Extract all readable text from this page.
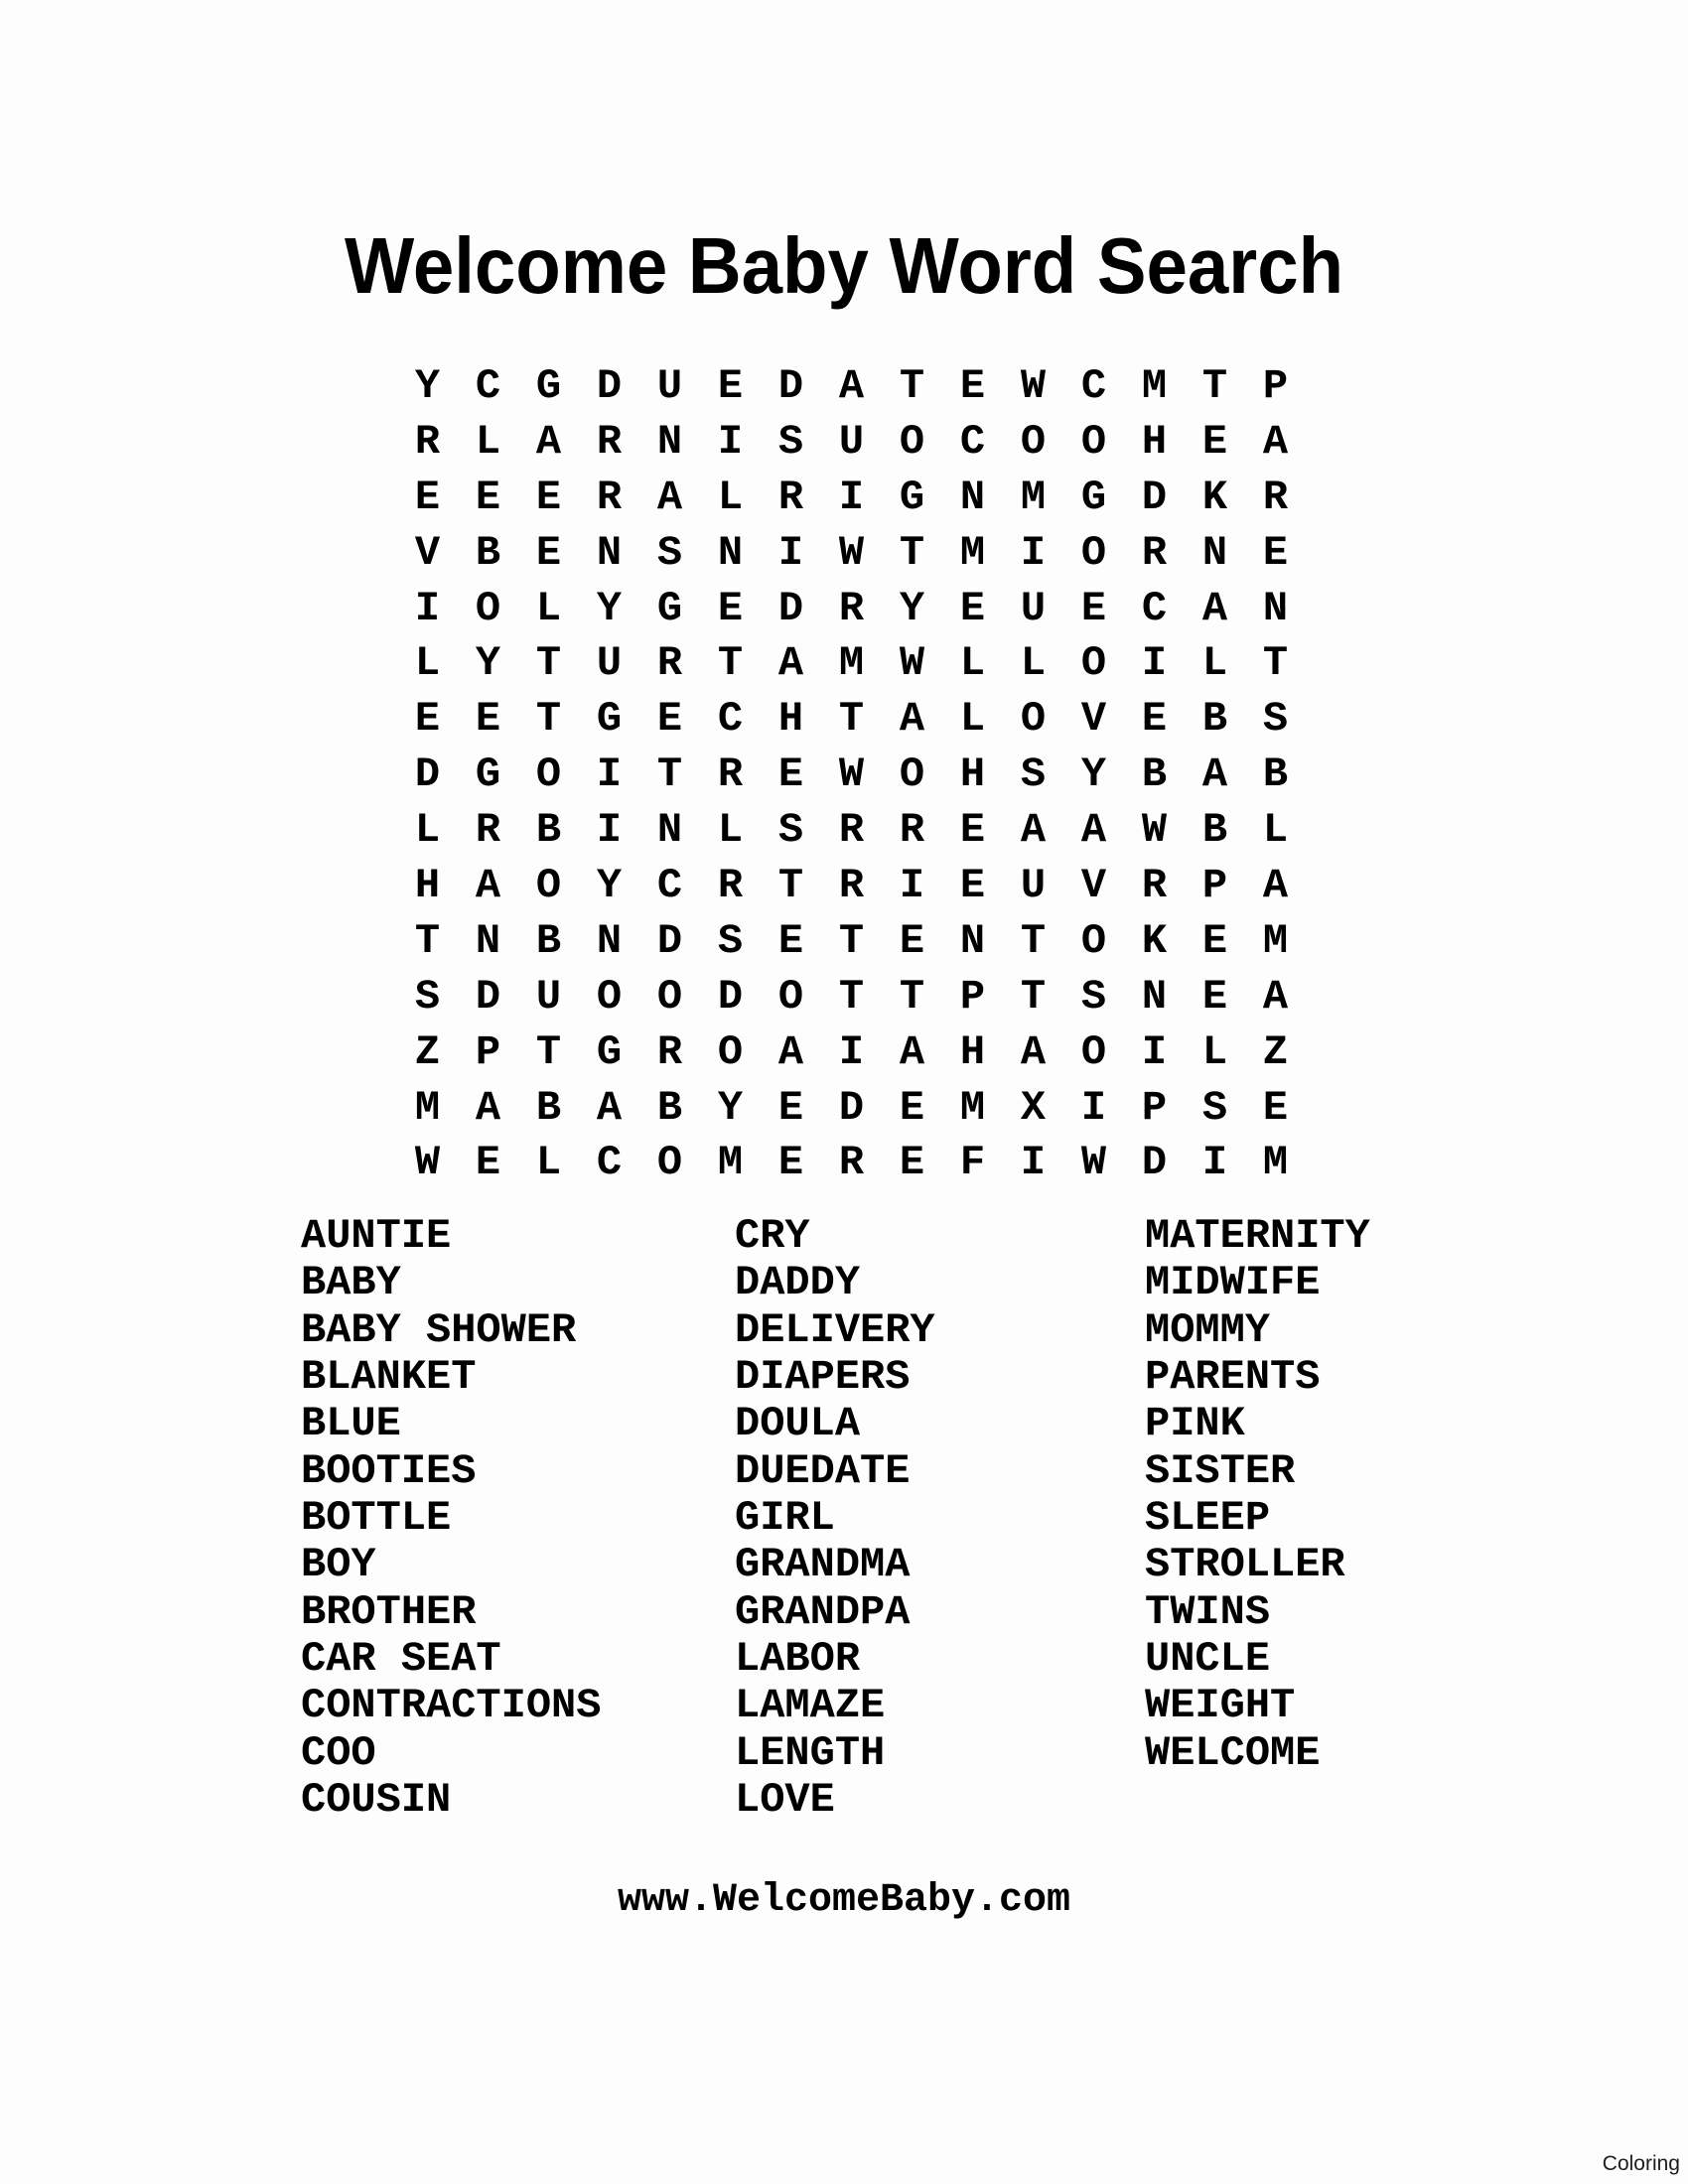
Welcome Baby Word Search
Y C G D U E D A T E W C M T P
R L A R N I S U O C O O H E A
E E E R A L R I G N M G D K R
V B E N S N I W T M I O R N E
I O L Y G E D R Y E U E C A N
L Y T U R T A M W L L O I L T
E E T G E C H T A L O V E B S
D G O I T R E W O H S Y B A B
L R B I N L S R R E A A W B L
H A O Y C R T R I E U V R P A
T N B N D S E T E N T O K E M
S D U O O D O T T P T S N E A
Z P T G R O A I A H A O I L Z
M A B A B Y E D E M X I P S E
W E L C O M E R E F I W D I M
AUNTIE
BABY
BABY SHOWER
BLANKET
BLUE
BOOTIES
BOTTLE
BOY
BROTHER
CAR SEAT
CONTRACTIONS
COO
COUSIN
CRY
DADDY
DELIVERY
DIAPERS
DOULA
DUEDATE
GIRL
GRANDMA
GRANDPA
LABOR
LAMAZE
LENGTH
LOVE
MATERNITY
MIDWIFE
MOMMY
PARENTS
PINK
SISTER
SLEEP
STROLLER
TWINS
UNCLE
WEIGHT
WELCOME
www.WelcomeBaby.com
Coloring
